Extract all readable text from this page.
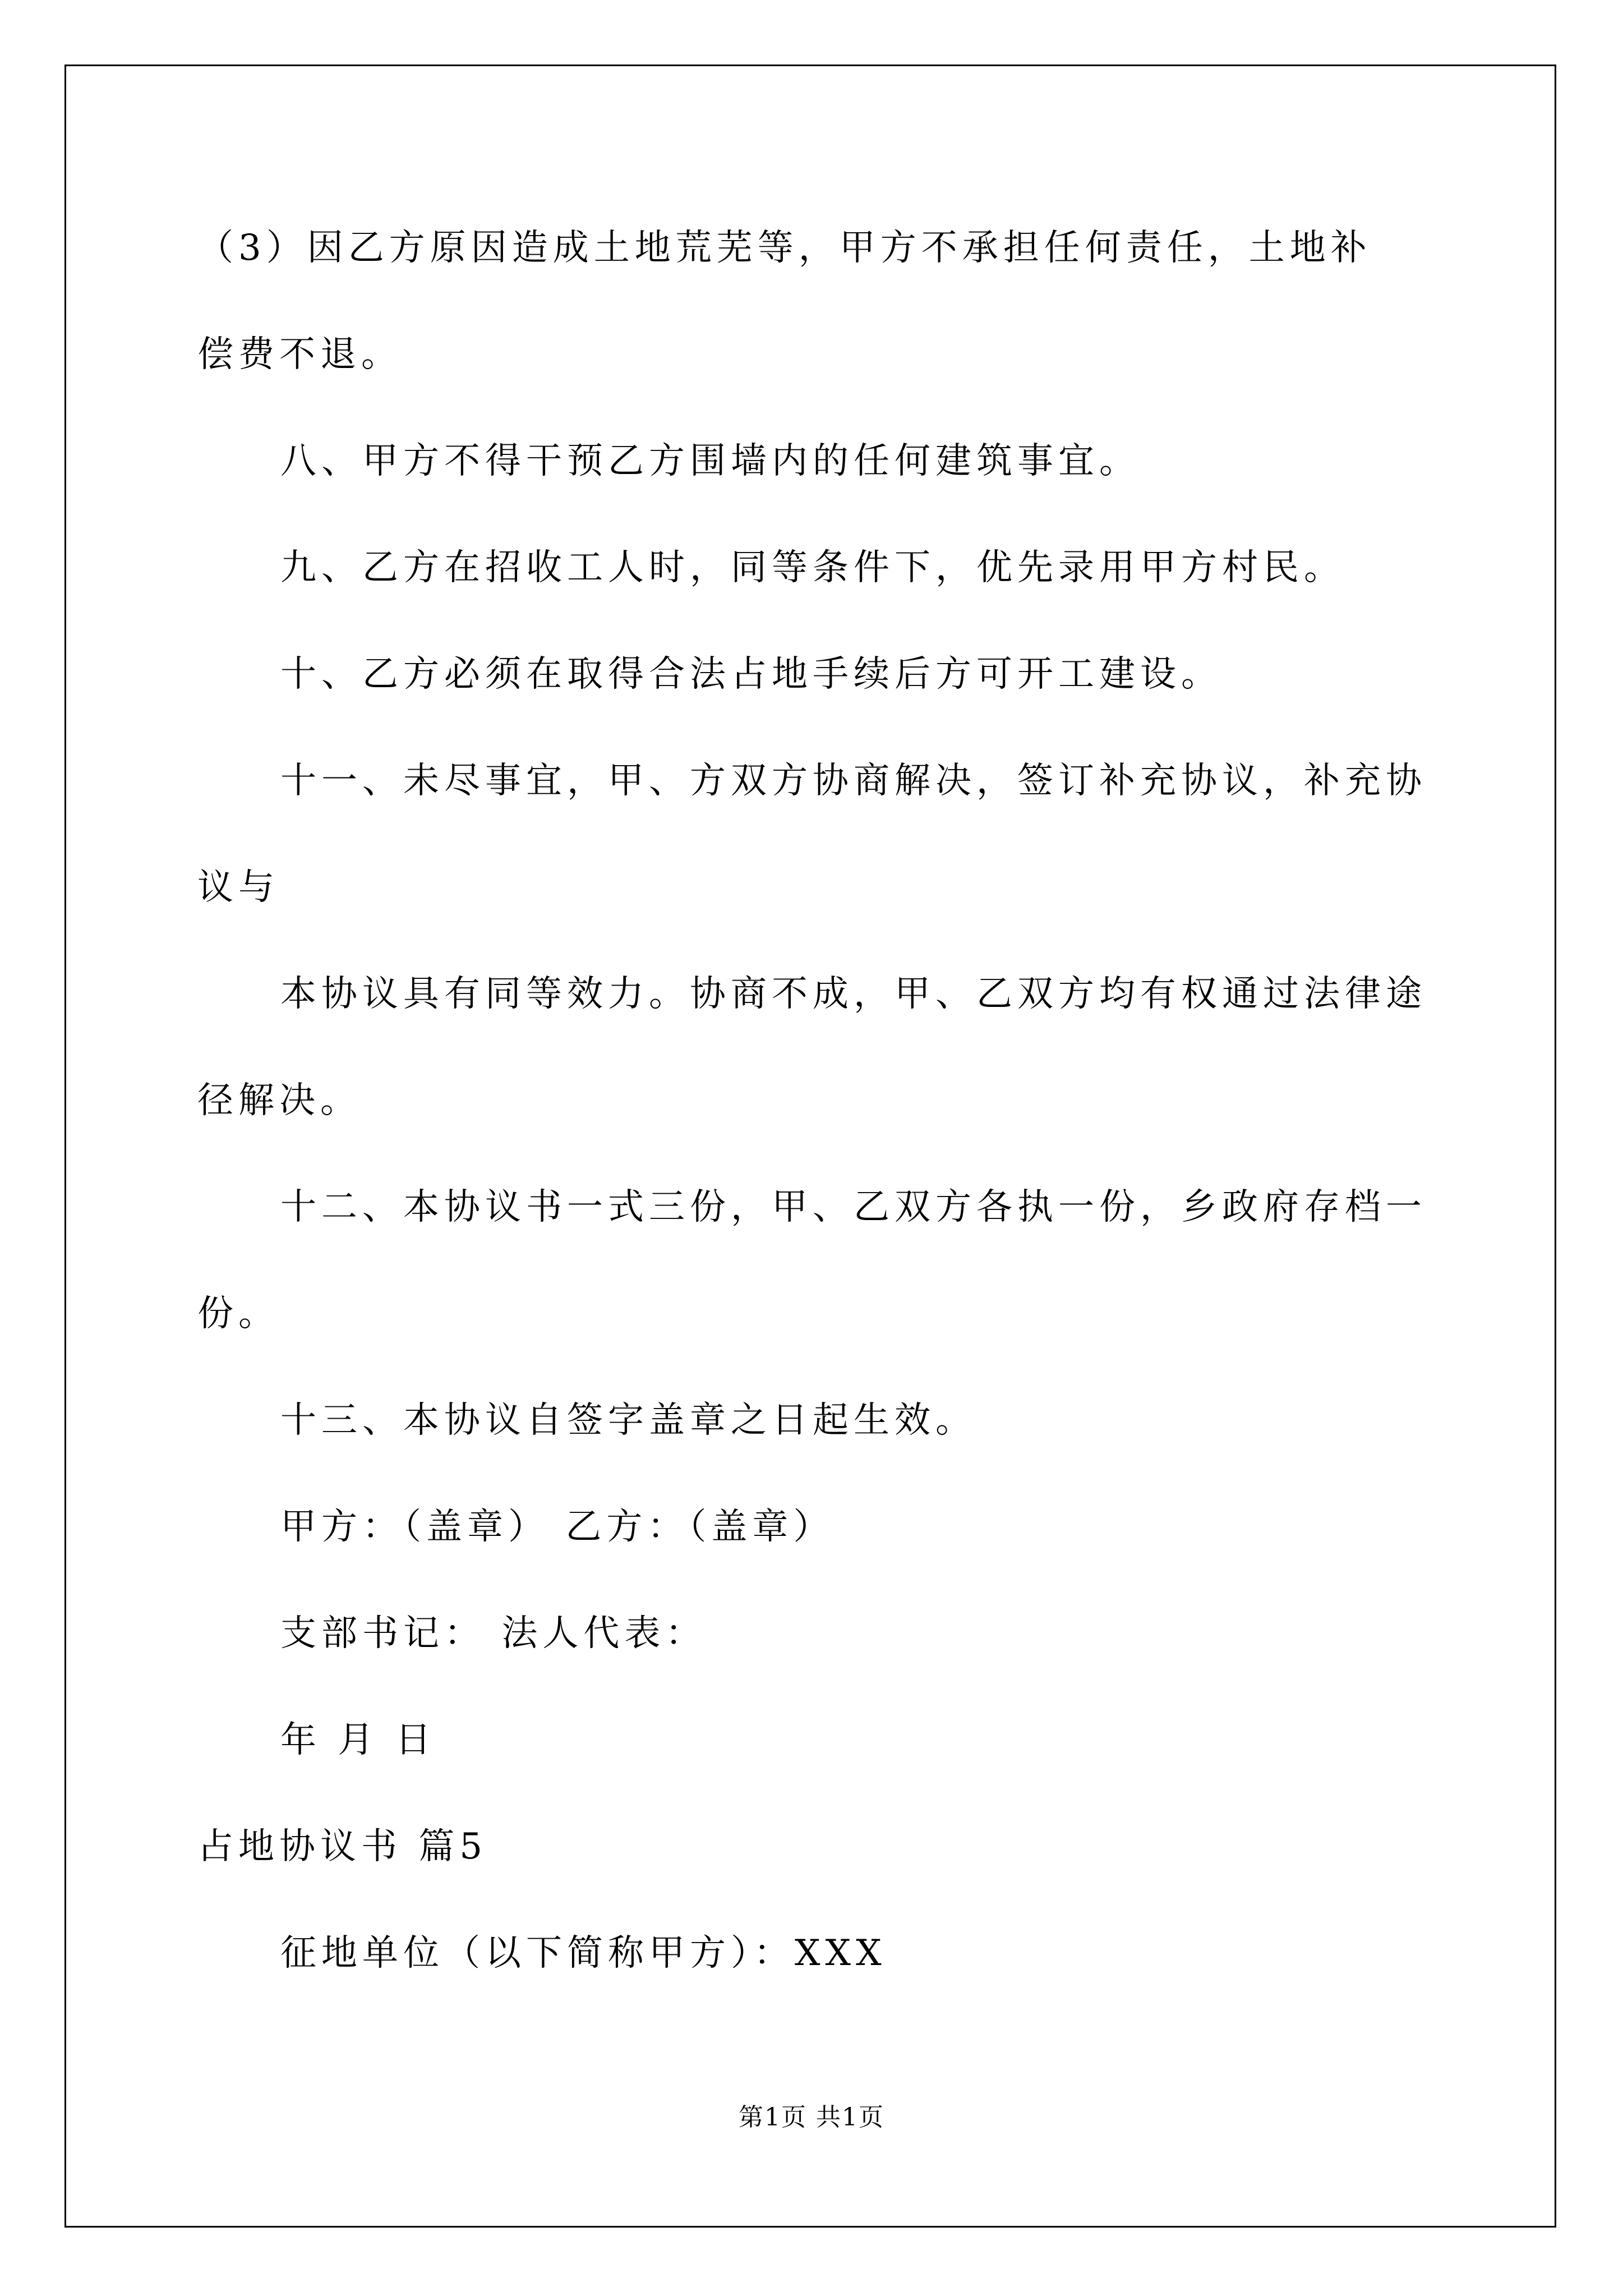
（3）因乙方原因造成土地荒芜等，甲方不承担任何责任，土地补
偿费不退。
八、甲方不得干预乙方围墙内的任何建筑事宜。
九、乙方在招收工人时，同等条件下，优先录用甲方村民。
十、乙方必须在取得合法占地手续后方可开工建设。
十一、未尽事宜，甲、方双方协商解决，签订补充协议，补充协
议与
本协议具有同等效力。协商不成，甲、乙双方均有权通过法律途
径解决。
十二、本协议书一式三份，甲、乙双方各执一份，乡政府存档一
份。
十三、本协议自签字盖章之日起生效。
甲方：（盖章） 乙方：（盖章）
支部书记： 法人代表：
年 月 日
占地协议书 篇5
征地单位（以下简称甲方）：XXX
第1页 共1页
